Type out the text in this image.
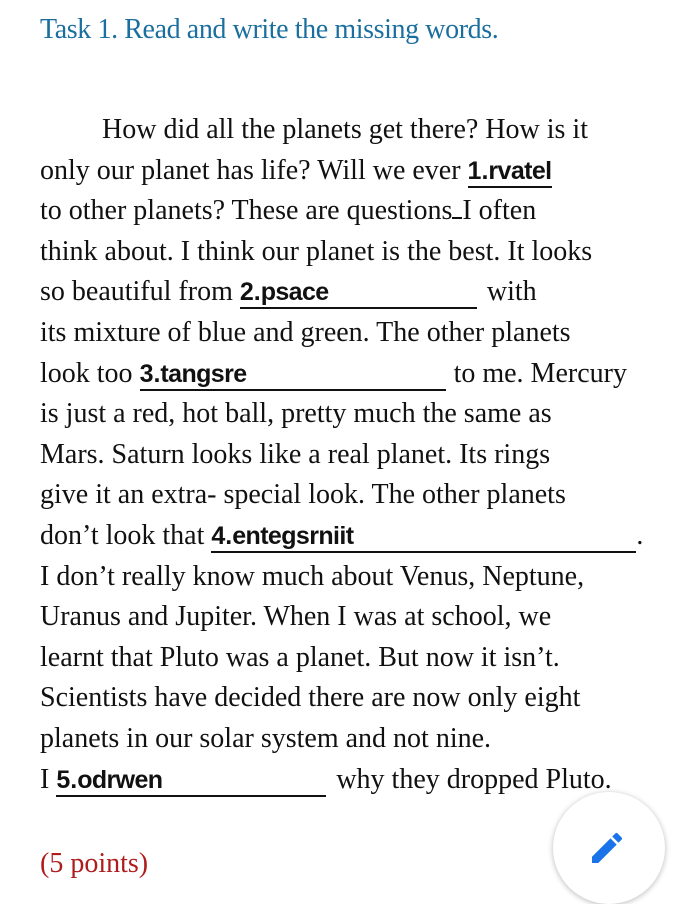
Task 1. Read and write the missing words.
How did all the planets get there? How is it
only our planet has life? Will we ever 1.rvatel
to other planets? These are questions I often
think about. I think our planet is the best. It looks
so beautiful from 2.psace	with
its mixture of blue and green. The other planets
look too 3.tangsre	to me. Mercury
is just a red, hot ball, pretty much the same as
Mars. Saturn looks like a real planet. Its rings
give it an extra- special look. The other planets
don’t look that 4.entegsrniit	.
I don’t really know much about Venus, Neptune,
Uranus and Jupiter. When I was at school, we
learnt that Pluto was a planet. But now it isn’t.
Scientists have decided there are now only eight
planets in our solar system and not nine.
I 5.odrwen	why they dropped Pluto.
(5 points)
